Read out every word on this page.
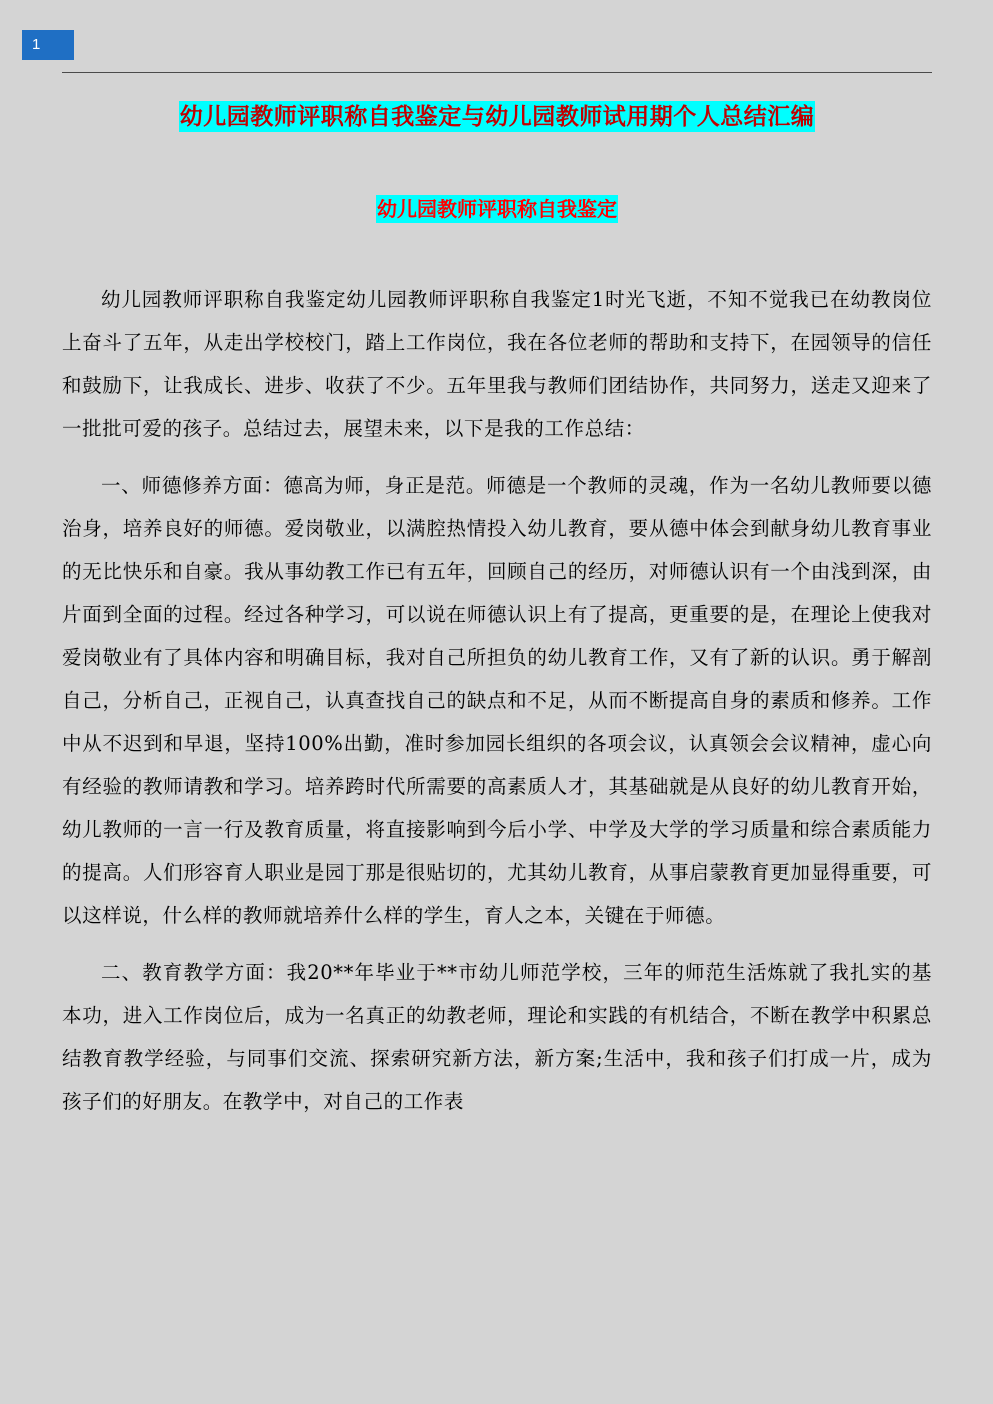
1
幼儿园教师评职称自我鉴定与幼儿园教师试用期个人总结汇编
幼儿园教师评职称自我鉴定

幼儿园教师评职称自我鉴定幼儿园教师评职称自我鉴定1时光飞逝，不知不觉我已在幼教岗位上奋斗了五年，从走出学校校门，踏上工作岗位，我在各位老师的帮助和支持下，在园领导的信任和鼓励下，让我成长、进步、收获了不少。五年里我与教师们团结协作，共同努力，送走又迎来了一批批可爱的孩子。总结过去，展望未来，以下是我的工作总结：

一、师德修养方面：德高为师，身正是范。师德是一个教师的灵魂，作为一名幼儿教师要以德治身，培养良好的师德。爱岗敬业，以满腔热情投入幼儿教育，要从德中体会到献身幼儿教育事业的无比快乐和自豪。我从事幼教工作已有五年，回顾自己的经历，对师德认识有一个由浅到深，由片面到全面的过程。经过各种学习，可以说在师德认识上有了提高，更重要的是，在理论上使我对爱岗敬业有了具体内容和明确目标，我对自己所担负的幼儿教育工作，又有了新的认识。勇于解剖自己，分析自己，正视自己，认真查找自己的缺点和不足，从而不断提高自身的素质和修养。工作中从不迟到和早退，坚持100%出勤，准时参加园长组织的各项会议，认真领会会议精神，虚心向有经验的教师请教和学习。培养跨时代所需要的高素质人才，其基础就是从良好的幼儿教育开始，幼儿教师的一言一行及教育质量，将直接影响到今后小学、中学及大学的学习质量和综合素质能力的提高。人们形容育人职业是园丁那是很贴切的，尤其幼儿教育，从事启蒙教育更加显得重要，可以这样说，什么样的教师就培养什么样的学生，育人之本，关键在于师德。

二、教育教学方面：我20**年毕业于**市幼儿师范学校，三年的师范生活炼就了我扎实的基本功，进入工作岗位后，成为一名真正的幼教老师，理论和实践的有机结合，不断在教学中积累总结教育教学经验，与同事们交流、探索研究新方法，新方案;生活中，我和孩子们打成一片，成为孩子们的好朋友。在教学中，对自己的工作表
